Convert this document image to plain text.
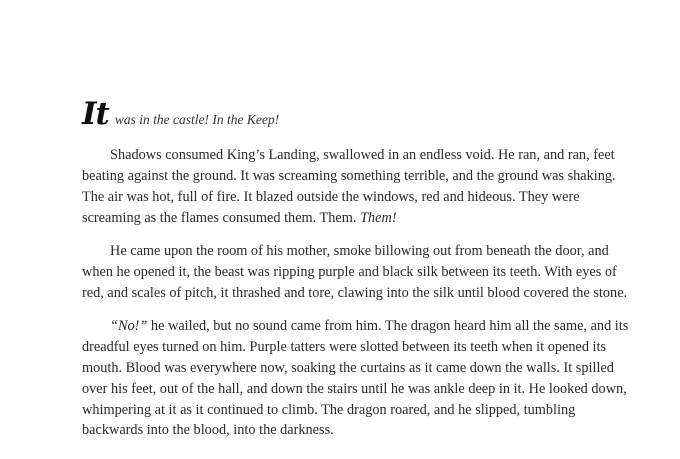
It was in the castle! In the Keep!
Shadows consumed King’s Landing, swallowed in an endless void. He ran, and ran, feet
beating against the ground. It was screaming something terrible, and the ground was shaking.
The air was hot, full of fire. It blazed outside the windows, red and hideous. They were
screaming as the flames consumed them. Them. Them!
He came upon the room of his mother, smoke billowing out from beneath the door, and
when he opened it, the beast was ripping purple and black silk between its teeth. With eyes of
red, and scales of pitch, it thrashed and tore, clawing into the silk until blood covered the stone.
“No!” he wailed, but no sound came from him. The dragon heard him all the same, and its
dreadful eyes turned on him. Purple tatters were slotted between its teeth when it opened its
mouth. Blood was everywhere now, soaking the curtains as it came down the walls. It spilled
over his feet, out of the hall, and down the stairs until he was ankle deep in it. He looked down,
whimpering at it as it continued to climb. The dragon roared, and he slipped, tumbling
backwards into the blood, into the darkness.
